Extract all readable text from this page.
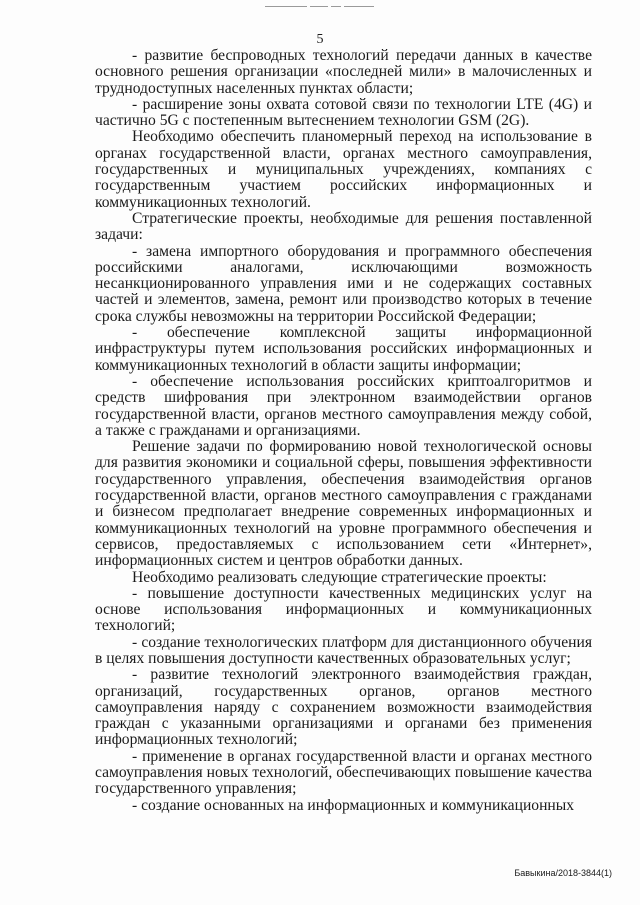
5

- развитие беспроводных технологий передачи данных в качестве основного решения организации «последней мили» в малочисленных и труднодоступных населенных пунктах области;

- расширение зоны охвата сотовой связи по технологии LTE (4G) и частично 5G с постепенным вытеснением технологии GSM (2G).

Необходимо обеспечить планомерный переход на использование в органах государственной власти, органах местного самоуправления, государственных и муниципальных учреждениях, компаниях с государственным участием российских информационных и коммуникационных технологий.

Стратегические проекты, необходимые для решения поставленной задачи:

- замена импортного оборудования и программного обеспечения российскими аналогами, исключающими возможность несанкционированного управления ими и не содержащих составных частей и элементов, замена, ремонт или производство которых в течение срока службы невозможны на территории Российской Федерации;

- обеспечение комплексной защиты информационной инфраструктуры путем использования российских информационных и коммуникационных технологий в области защиты информации;

- обеспечение использования российских криптоалгоритмов и средств шифрования при электронном взаимодействии органов государственной власти, органов местного самоуправления между собой, а также с гражданами и организациями.

Решение задачи по формированию новой технологической основы для развития экономики и социальной сферы, повышения эффективности государственного управления, обеспечения взаимодействия органов государственной власти, органов местного самоуправления с гражданами и бизнесом предполагает внедрение современных информационных и коммуникационных технологий на уровне программного обеспечения и сервисов, предоставляемых с использованием сети «Интернет», информационных систем и центров обработки данных.

Необходимо реализовать следующие стратегические проекты:

- повышение доступности качественных медицинских услуг на основе использования информационных и коммуникационных технологий;

- создание технологических платформ для дистанционного обучения в целях повышения доступности качественных образовательных услуг;

- развитие технологий электронного взаимодействия граждан, организаций, государственных органов, органов местного самоуправления наряду с сохранением возможности взаимодействия граждан с указанными организациями и органами без применения информационных технологий;

- применение в органах государственной власти и органах местного самоуправления новых технологий, обеспечивающих повышение качества государственного управления;

- создание основанных на информационных и коммуникационных

Бавыкина/2018-3844(1)
